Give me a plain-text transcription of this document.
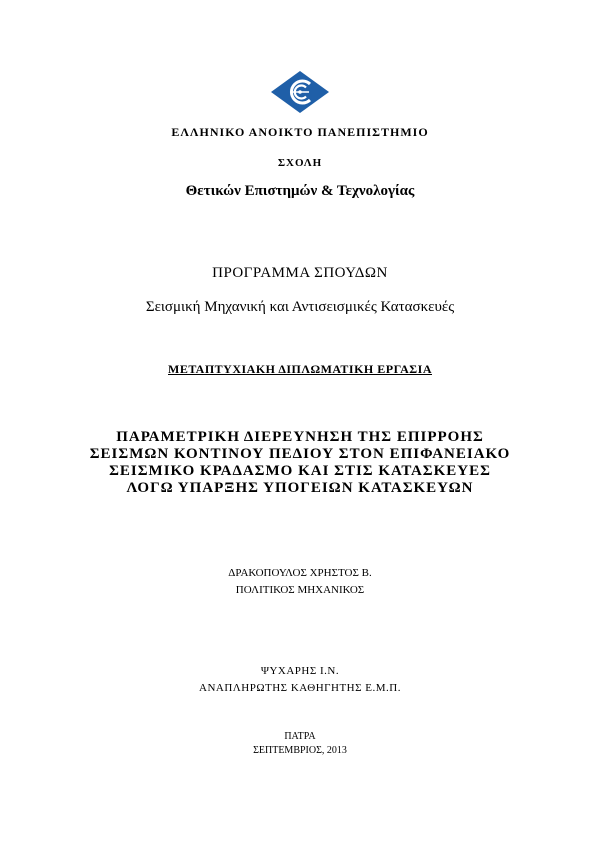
ΕΛΛΗΝΙΚΟ ΑΝΟΙΚΤΟ ΠΑΝΕΠΙΣΤΗΜΙΟ
ΣΧΟΛΗ
Θετικών Επιστημών & Τεχνολογίας
ΠΡΟΓΡΑΜΜΑ ΣΠΟΥΔΩΝ
Σεισμική Μηχανική και Αντισεισμικές Κατασκευές
ΜΕΤΑΠΤΥΧΙΑΚΗ ΔΙΠΛΩΜΑΤΙΚΗ ΕΡΓΑΣΙΑ
ΠΑΡΑΜΕΤΡΙΚΗ ΔΙΕΡΕΥΝΗΣΗ ΤΗΣ ΕΠΙΡΡΟΗΣ
ΣΕΙΣΜΩΝ ΚΟΝΤΙΝΟΥ ΠΕΔΙΟΥ ΣΤΟΝ ΕΠΙΦΑΝΕΙΑΚΟ
ΣΕΙΣΜΙΚΟ ΚΡΑΔΑΣΜΟ ΚΑΙ ΣΤΙΣ ΚΑΤΑΣΚΕΥΕΣ
ΛΟΓΩ ΥΠΑΡΞΗΣ ΥΠΟΓΕΙΩΝ ΚΑΤΑΣΚΕΥΩΝ
ΔΡΑΚΟΠΟΥΛΟΣ ΧΡΗΣΤΟΣ Β.
ΠΟΛΙΤΙΚΟΣ ΜΗΧΑΝΙΚΟΣ
ΨΥΧΑΡΗΣ Ι.Ν.
ΑΝΑΠΛΗΡΩΤΗΣ ΚΑΘΗΓΗΤΗΣ Ε.Μ.Π.
ΠΑΤΡΑ
ΣΕΠΤΕΜΒΡΙΟΣ, 2013
